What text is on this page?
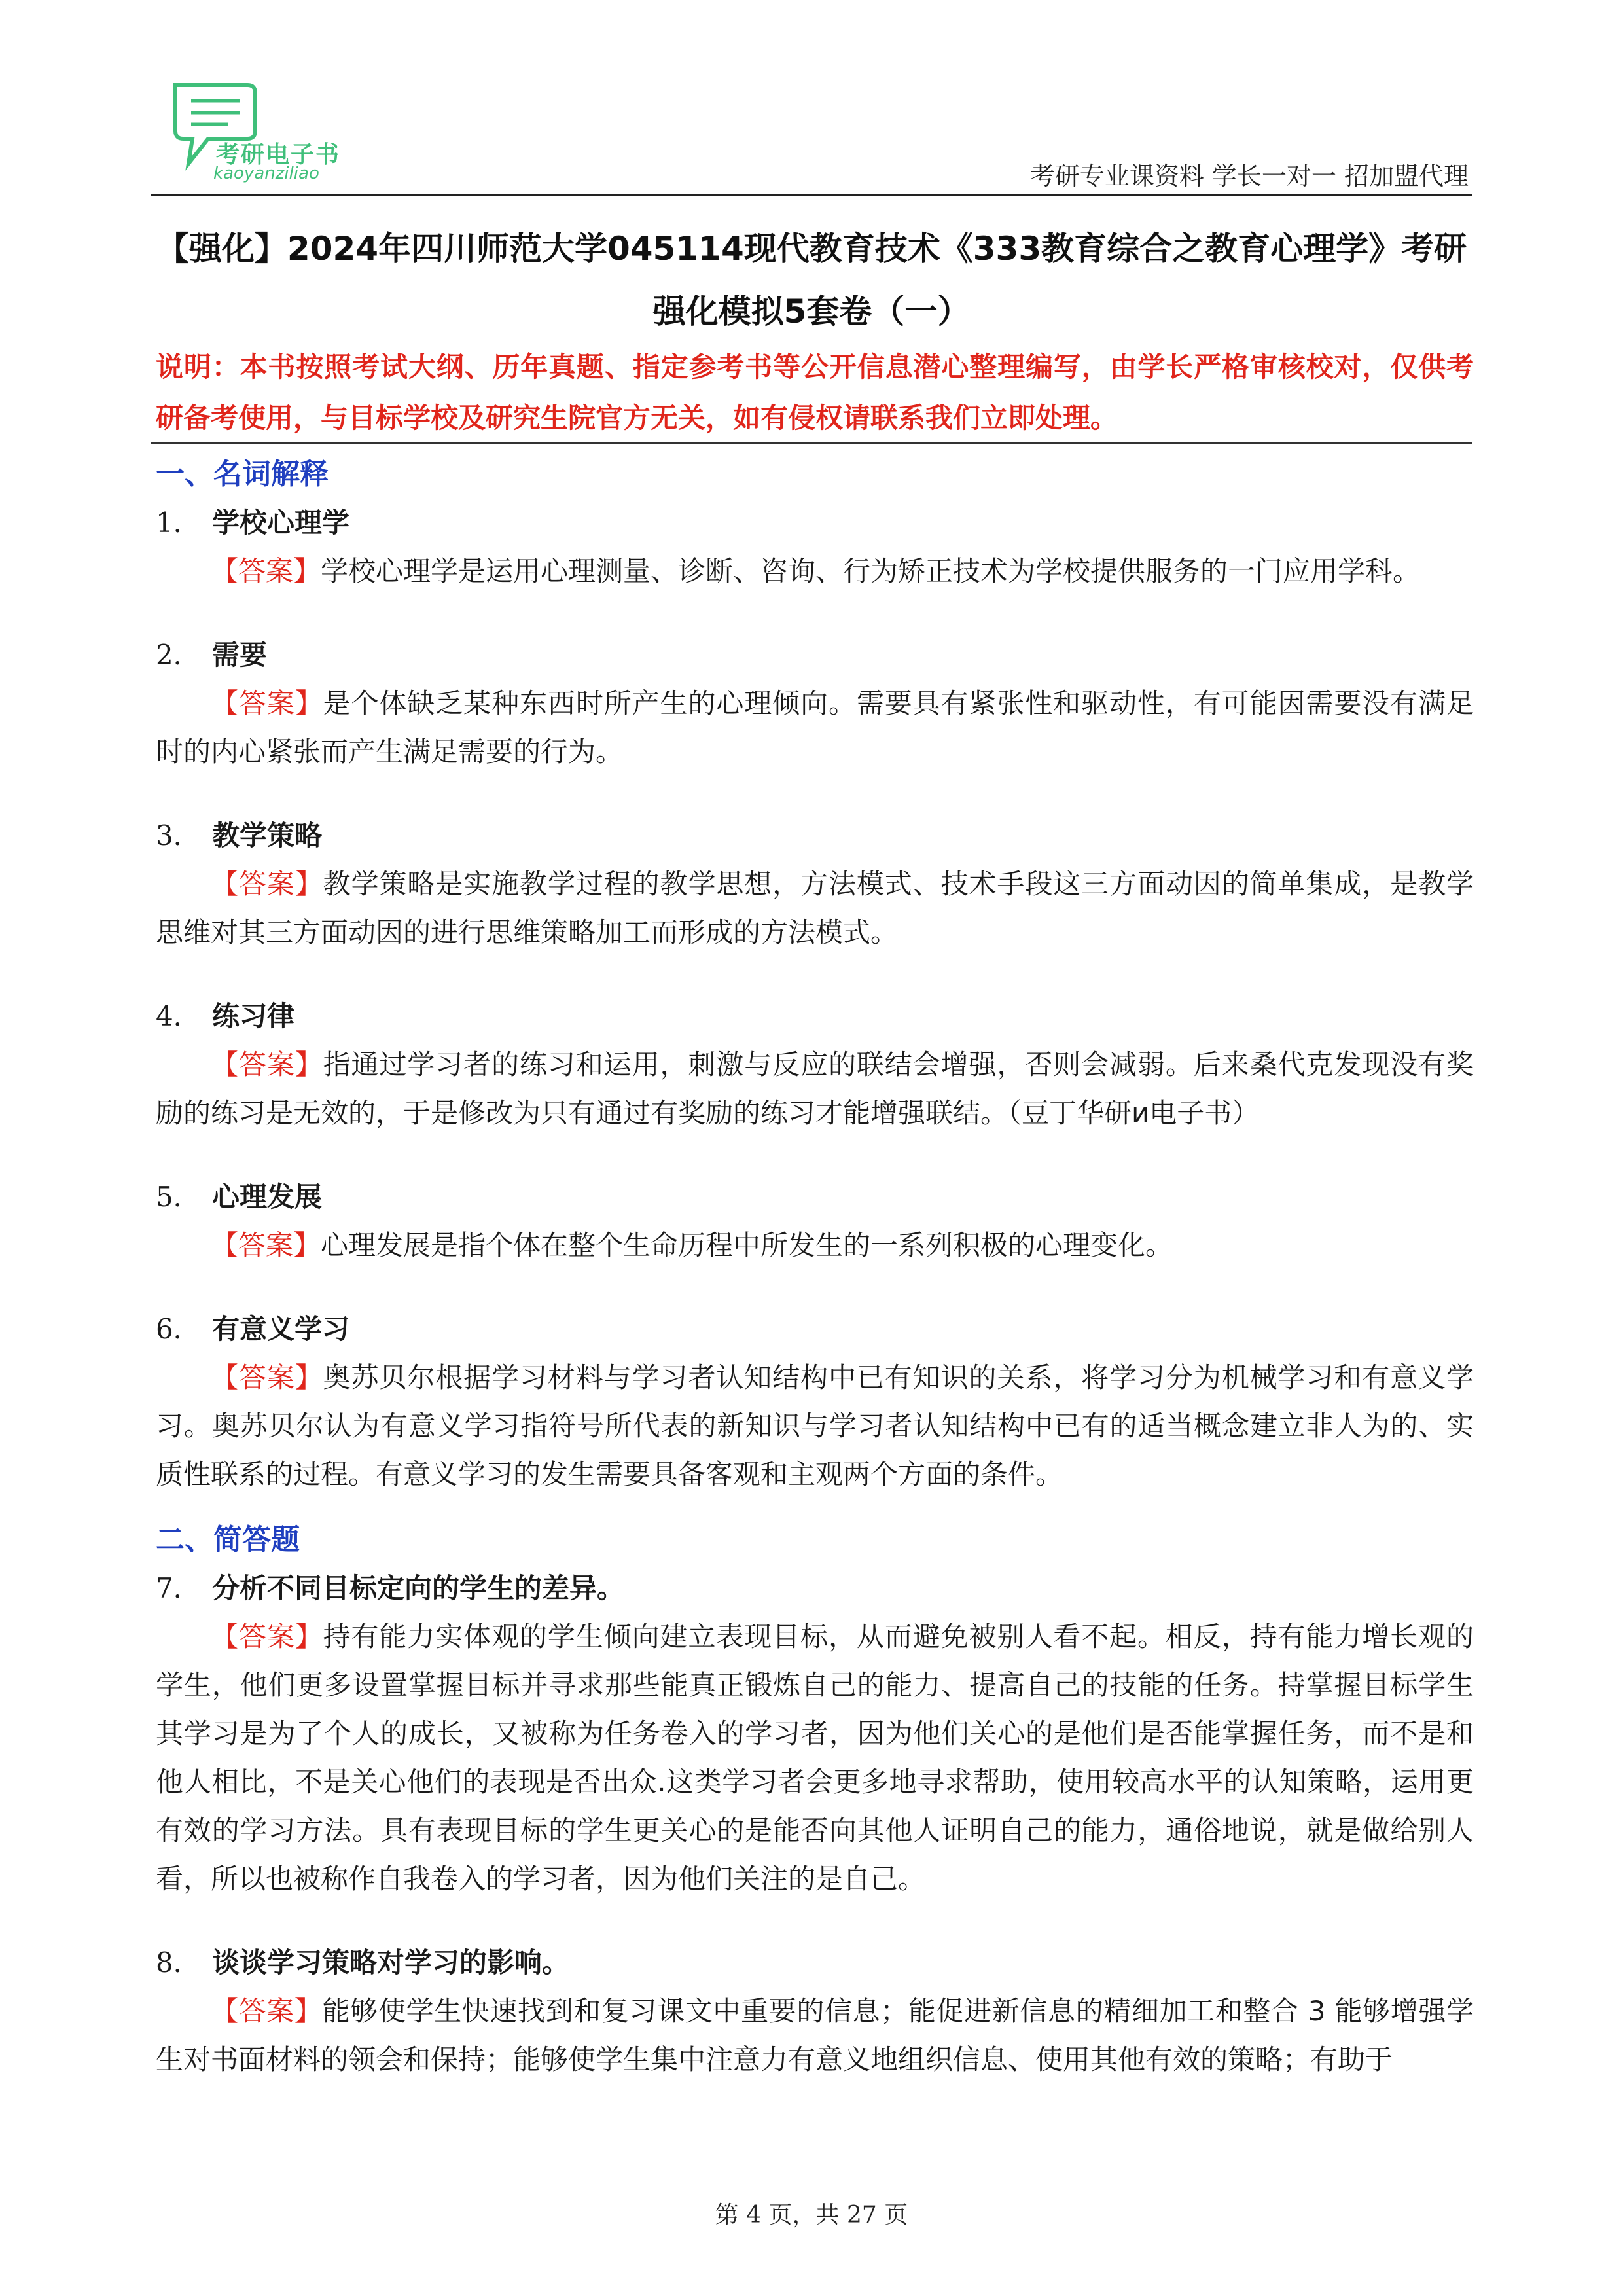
考研电子书
kaoyanziliao	考研专业课资料 学长一对一 招加盟代理
【强化】2024年四川师范大学045114现代教育技术《333教育综合之教育心理学》考研强化模拟5套卷（一）
说明：本书按照考试大纲、历年真题、指定参考书等公开信息潜心整理编写，由学长严格审核校对，仅供考研备考使用，与目标学校及研究生院官方无关，如有侵权请联系我们立即处理。
一、名词解释
1． 学校心理学
【答案】学校心理学是运用心理测量、诊断、咨询、行为矫正技术为学校提供服务的一门应用学科。
2． 需要
【答案】是个体缺乏某种东西时所产生的心理倾向。需要具有紧张性和驱动性，有可能因需要没有满足时的内心紧张而产生满足需要的行为。
3． 教学策略
【答案】教学策略是实施教学过程的教学思想，方法模式、技术手段这三方面动因的简单集成，是教学思维对其三方面动因的进行思维策略加工而形成的方法模式。
4． 练习律
【答案】指通过学习者的练习和运用，刺激与反应的联结会增强，否则会减弱。后来桑代克发现没有奖励的练习是无效的，于是修改为只有通过有奖励的练习才能增强联结。（豆丁华研и电子书）
5． 心理发展
【答案】心理发展是指个体在整个生命历程中所发生的一系列积极的心理变化。
6． 有意义学习
【答案】奥苏贝尔根据学习材料与学习者认知结构中已有知识的关系，将学习分为机械学习和有意义学习。奥苏贝尔认为有意义学习指符号所代表的新知识与学习者认知结构中已有的适当概念建立非人为的、实质性联系的过程。有意义学习的发生需要具备客观和主观两个方面的条件。
二、简答题
7． 分析不同目标定向的学生的差异。
【答案】持有能力实体观的学生倾向建立表现目标，从而避免被别人看不起。相反，持有能力增长观的学生，他们更多设置掌握目标并寻求那些能真正锻炼自己的能力、提高自己的技能的任务。持掌握目标学生其学习是为了个人的成长，又被称为任务卷入的学习者，因为他们关心的是他们是否能掌握任务，而不是和他人相比，不是关心他们的表现是否出众.这类学习者会更多地寻求帮助，使用较高水平的认知策略，运用更有效的学习方法。具有表现目标的学生更关心的是能否向其他人证明自己的能力，通俗地说，就是做给别人看，所以也被称作自我卷入的学习者，因为他们关注的是自己。
8． 谈谈学习策略对学习的影响。
【答案】能够使学生快速找到和复习课文中重要的信息；能促进新信息的精细加工和整合 3 能够增强学生对书面材料的领会和保持；能够使学生集中注意力有意义地组织信息、使用其他有效的策略；有助于
第 4 页，共 27 页
